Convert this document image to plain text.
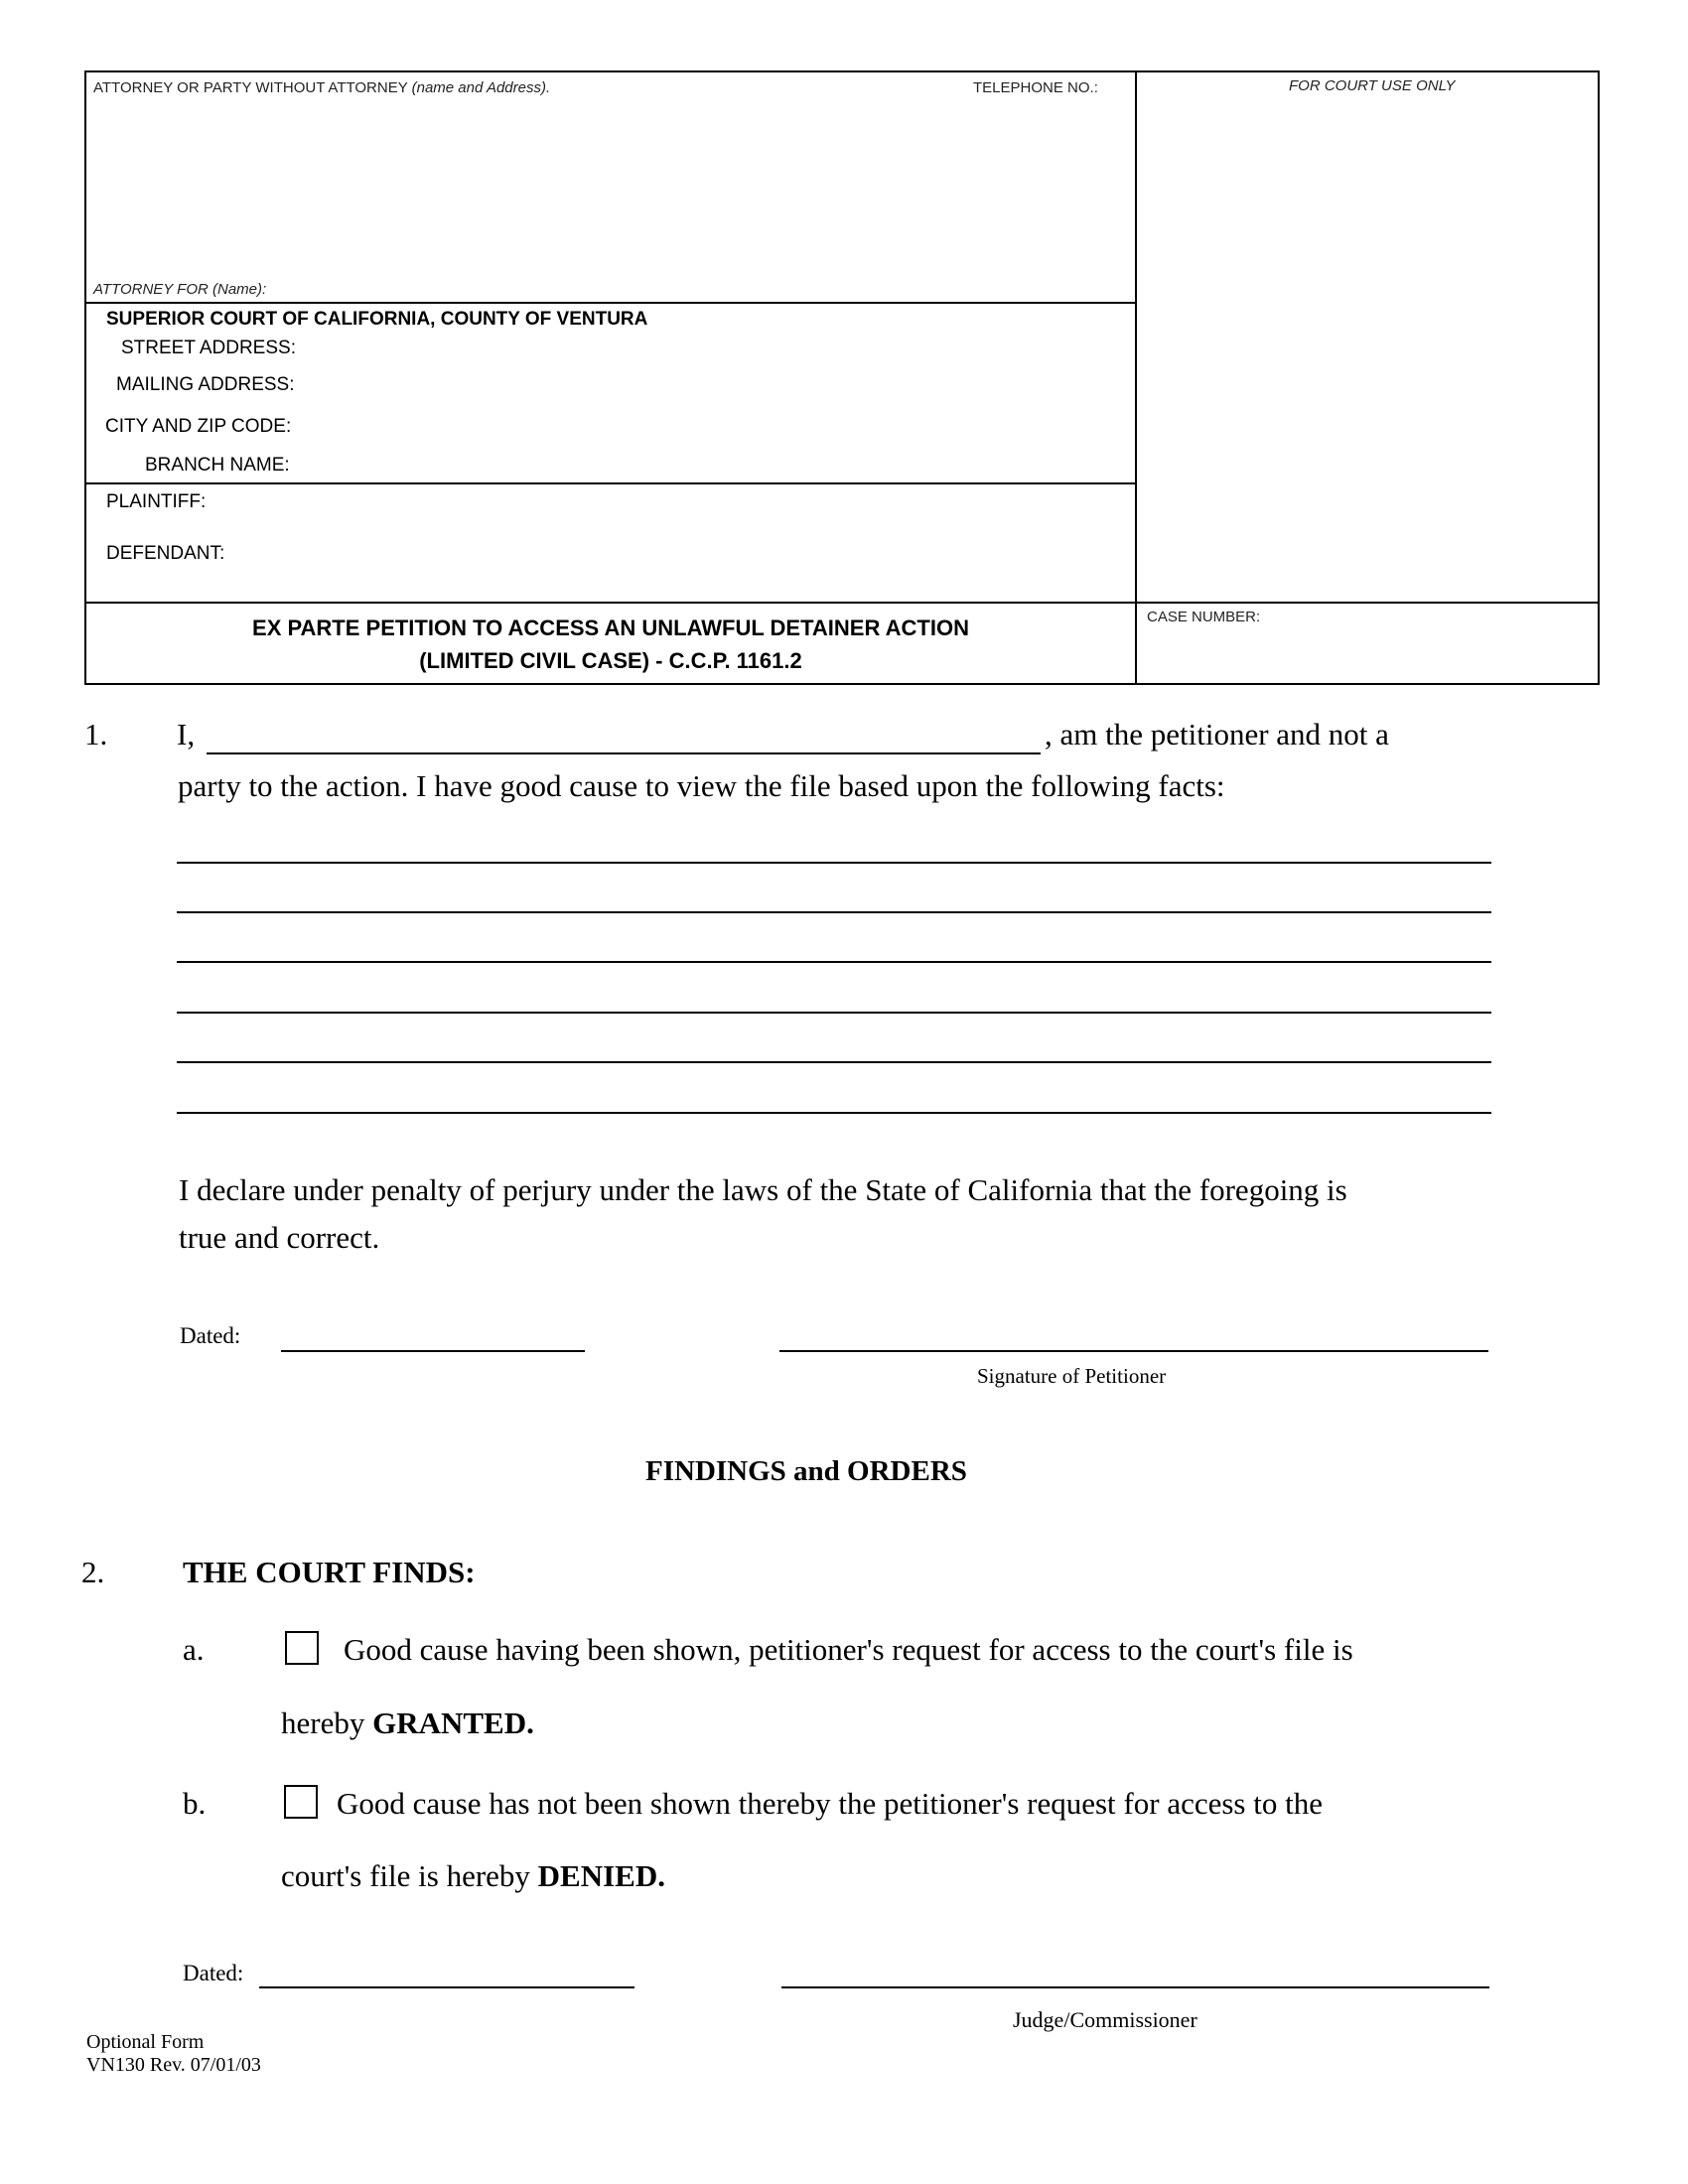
ATTORNEY OR PARTY WITHOUT ATTORNEY (name and Address).	TELEPHONE NO.:	FOR COURT USE ONLY
ATTORNEY FOR (Name):
SUPERIOR COURT OF CALIFORNIA, COUNTY OF VENTURA
STREET ADDRESS:
MAILING ADDRESS:
CITY AND ZIP CODE:
BRANCH NAME:
PLAINTIFF:
DEFENDANT:
EX PARTE PETITION TO ACCESS AN UNLAWFUL DETAINER ACTION
(LIMITED CIVIL CASE) - C.C.P. 1161.2
CASE NUMBER:
1. I,	, am the petitioner and not a
party to the action. I have good cause to view the file based upon the following facts:
I declare under penalty of perjury under the laws of the State of California that the foregoing is
true and correct.
Dated:
Signature of Petitioner
FINDINGS and ORDERS
2.	THE COURT FINDS:
a.	Good cause having been shown, petitioner's request for access to the court's file is
hereby GRANTED.
b.	Good cause has not been shown thereby the petitioner's request for access to the
court's file is hereby DENIED.
Dated:
Judge/Commissioner
Optional Form
VN130 Rev. 07/01/03
